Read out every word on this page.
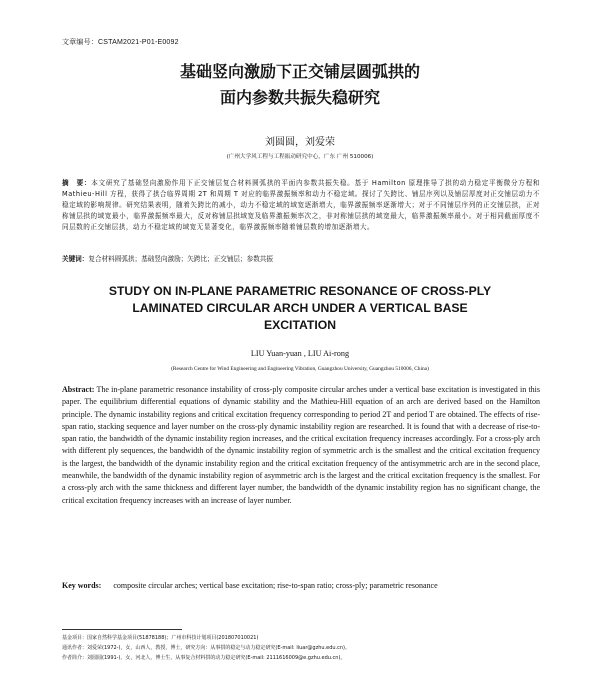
文章编号：CSTAM2021-P01-E0092
基础竖向激励下正交铺层圆弧拱的
面内参数共振失稳研究
刘圆圆，刘爱荣
(广州大学风工程与工程振动研究中心，广东 广州 510006)

摘　要：本文研究了基础竖向激励作用下正交铺层复合材料圆弧拱的平面内参数共振失稳。基于 Hamilton 原理推导了拱的动力稳定平衡微分方程和 Mathieu-Hill 方程，获得了拱合临界周期 2T 和周期 T 对应的临界激振频率和动力不稳定域。探讨了矢跨比、铺层序列以及铺层厚度对正交铺层动力不稳定域的影响规律。研究结果表明，随着矢跨比的减小，动力不稳定域的域宽逐渐增大，临界激振频率逐渐增大；对于不同铺层序列的正交铺层拱，正对称铺层拱的域宽最小，临界激振频率最大，反对称铺层拱域宽及临界激振频率次之，非对称铺层拱的域宽最大，临界激振频率最小。对于相同截面厚度不同层数的正交铺层拱，动力不稳定域的域宽无显著变化，临界激振频率随着铺层数的增加逐渐增大。

关键词：复合材料圆弧拱；基础竖向激励；矢跨比；正交铺层；参数共振
STUDY ON IN-PLANE PARAMETRIC RESONANCE OF CROSS-PLY
LAMINATED CIRCULAR ARCH UNDER A VERTICAL BASE
EXCITATION
LIU Yuan-yuan , LIU Ai-rong
(Research Centre for Wind Engineering and Engineering Vibration, Guangzhou University, Guangzhou 510006, China)

Abstract: The in-plane parametric resonance instability of cross-ply composite circular arches under a vertical base excitation is investigated in this paper. The equilibrium differential equations of dynamic stability and the Mathieu-Hill equation of an arch are derived based on the Hamilton principle. The dynamic instability regions and critical excitation frequency corresponding to period 2T and period T are obtained. The effects of rise-span ratio, stacking sequence and layer number on the cross-ply dynamic instability region are researched. It is found that with a decrease of rise-to-span ratio, the bandwidth of the dynamic instability region increases, and the critical excitation frequency increases accordingly. For a cross-ply arch with different ply sequences, the bandwidth of the dynamic instability region of symmetric arch is the smallest and the critical excitation frequency is the largest, the bandwidth of the dynamic instability region and the critical excitation frequency of the antisymmetric arch are in the second place, meanwhile, the bandwidth of the dynamic instability region of asymmetric arch is the largest and the critical excitation frequency is the smallest. For a cross-ply arch with the same thickness and different layer number, the bandwidth of the dynamic instability region has no significant change, the critical excitation frequency increases with an increase of layer number.

Key words: composite circular arches; vertical base excitation; rise-to-span ratio; cross-ply; parametric resonance
基金项目：国家自然科学基金项目(51878188)；广州市科技计划项目(201807010021)
通讯作者：刘爱荣(1972-)，女，山西人，教授，博士，研究方向：从事拱的稳定与动力稳定研究(E-mail: liuar@gzhu.edu.cn)。
作者简介：刘圆圆(1991-)，女，河北人，博士生，从事复合材料拱的动力稳定研究(E-mail: 2111616009@e.gzhu.edu.cn)。
